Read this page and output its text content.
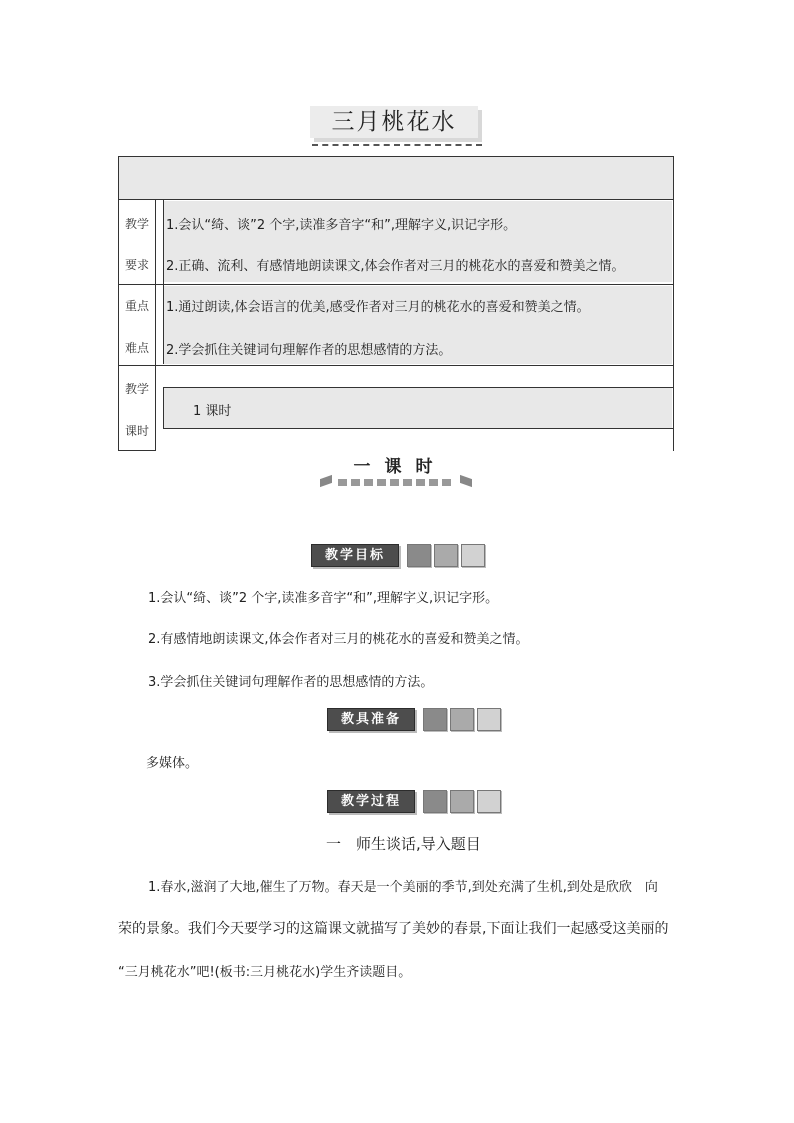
三月桃花水
教学
要求
1.会认“绮、谈”2 个字,读准多音字“和”,理解字义,识记字形。
2.正确、流利、有感情地朗读课文,体会作者对三月的桃花水的喜爱和赞美之情。
重点
难点
1.通过朗读,体会语言的优美,感受作者对三月的桃花水的喜爱和赞美之情。
2.学会抓住关键词句理解作者的思想感情的方法。
教学
课时
1 课时
一课时
教学目标
1.会认“绮、谈”2 个字,读准多音字“和”,理解字义,识记字形。
2.有感情地朗读课文,体会作者对三月的桃花水的喜爱和赞美之情。
3.学会抓住关键词句理解作者的思想感情的方法。
教具准备
多媒体。
教学过程
一　师生谈话,导入题目
1.春水,滋润了大地,催生了万物。春天是一个美丽的季节,到处充满了生机,到处是欣欣　向
荣的景象。我们今天要学习的这篇课文就描写了美妙的春景,下面让我们一起感受这美丽的
“三月桃花水”吧!(板书:三月桃花水)学生齐读题目。
